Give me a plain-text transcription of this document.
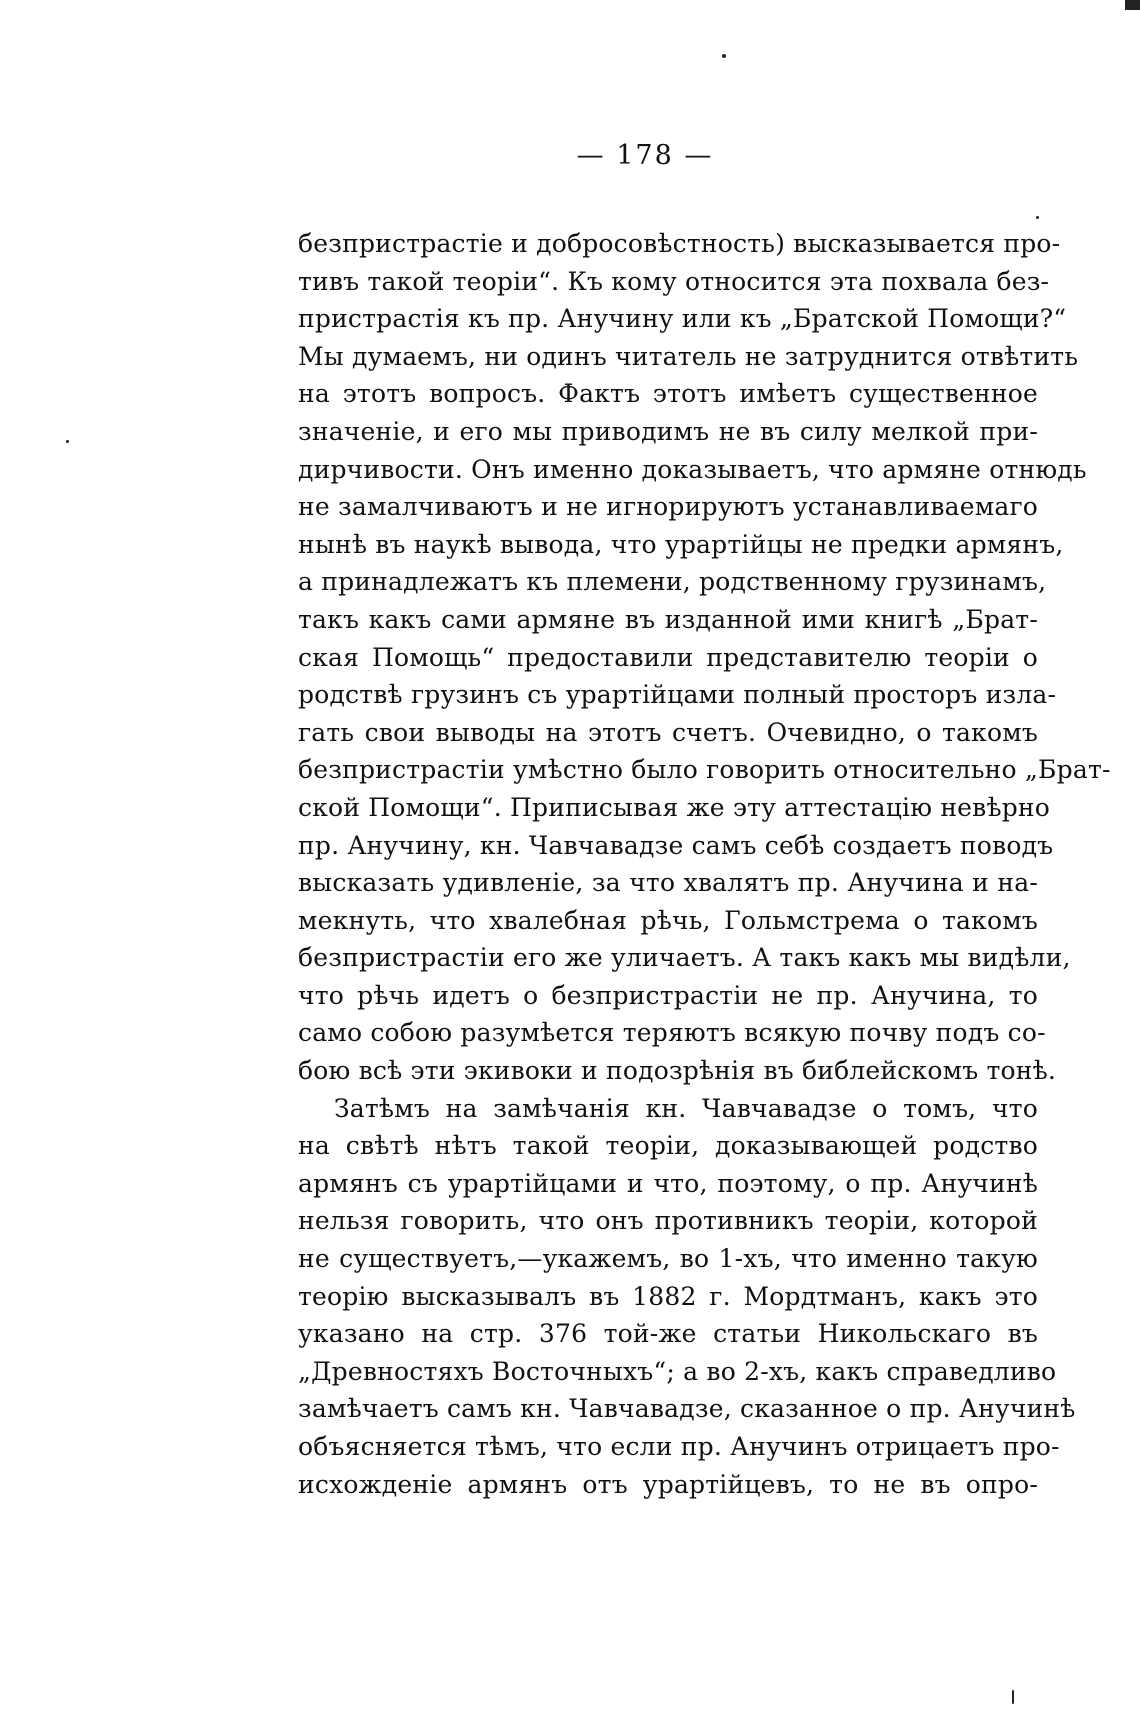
— 178 —
безпристрастіе и добросовѣстность) высказывается про-
тивъ такой теоріи“. Къ кому относится эта похвала без-
пристрастія къ пр. Анучину или къ „Братской Помощи?“
Мы думаемъ, ни одинъ читатель не затруднится отвѣтить
на этотъ вопросъ. Фактъ этотъ имѣетъ существенное
значеніе, и его мы приводимъ не въ силу мелкой при-
дирчивости. Онъ именно доказываетъ, что армяне отнюдь
не замалчиваютъ и не игнорируютъ устанавливаемаго
нынѣ въ наукѣ вывода, что урартійцы не предки армянъ,
а принадлежатъ къ племени, родственному грузинамъ,
такъ какъ сами армяне въ изданной ими книгѣ „Брат-
ская Помощь“ предоставили представителю теоріи о
родствѣ грузинъ съ урартійцами полный просторъ изла-
гать свои выводы на этотъ счетъ. Очевидно, о такомъ
безпристрастіи умѣстно было говорить относительно „Брат-
ской Помощи“. Приписывая же эту аттестацію невѣрно
пр. Анучину, кн. Чавчавадзе самъ себѣ создаетъ поводъ
высказать удивленіе, за что хвалятъ пр. Анучина и на-
мекнуть, что хвалебная рѣчь, Гольмстрема о такомъ
безпристрастіи его же уличаетъ. А такъ какъ мы видѣли,
что рѣчь идетъ о безпристрастіи не пр. Анучина, то
само собою разумѣется теряютъ всякую почву подъ со-
бою всѣ эти экивоки и подозрѣнія въ библейскомъ тонѣ.
Затѣмъ на замѣчанія кн. Чавчавадзе о томъ, что
на свѣтѣ нѣтъ такой теоріи, доказывающей родство
армянъ съ урартійцами и что, поэтому, о пр. Анучинѣ
нельзя говорить, что онъ противникъ теоріи, которой
не существуетъ,—укажемъ, во 1-хъ, что именно такую
теорію высказывалъ въ 1882 г. Мордтманъ, какъ это
указано на стр. 376 той-же статьи Никольскаго въ
„Древностяхъ Восточныхъ“; а во 2-хъ, какъ справедливо
замѣчаетъ самъ кн. Чавчавадзе, сказанное о пр. Анучинѣ
объясняется тѣмъ, что если пр. Анучинъ отрицаетъ про-
исхожденіе армянъ отъ урартійцевъ, то не въ опро-
